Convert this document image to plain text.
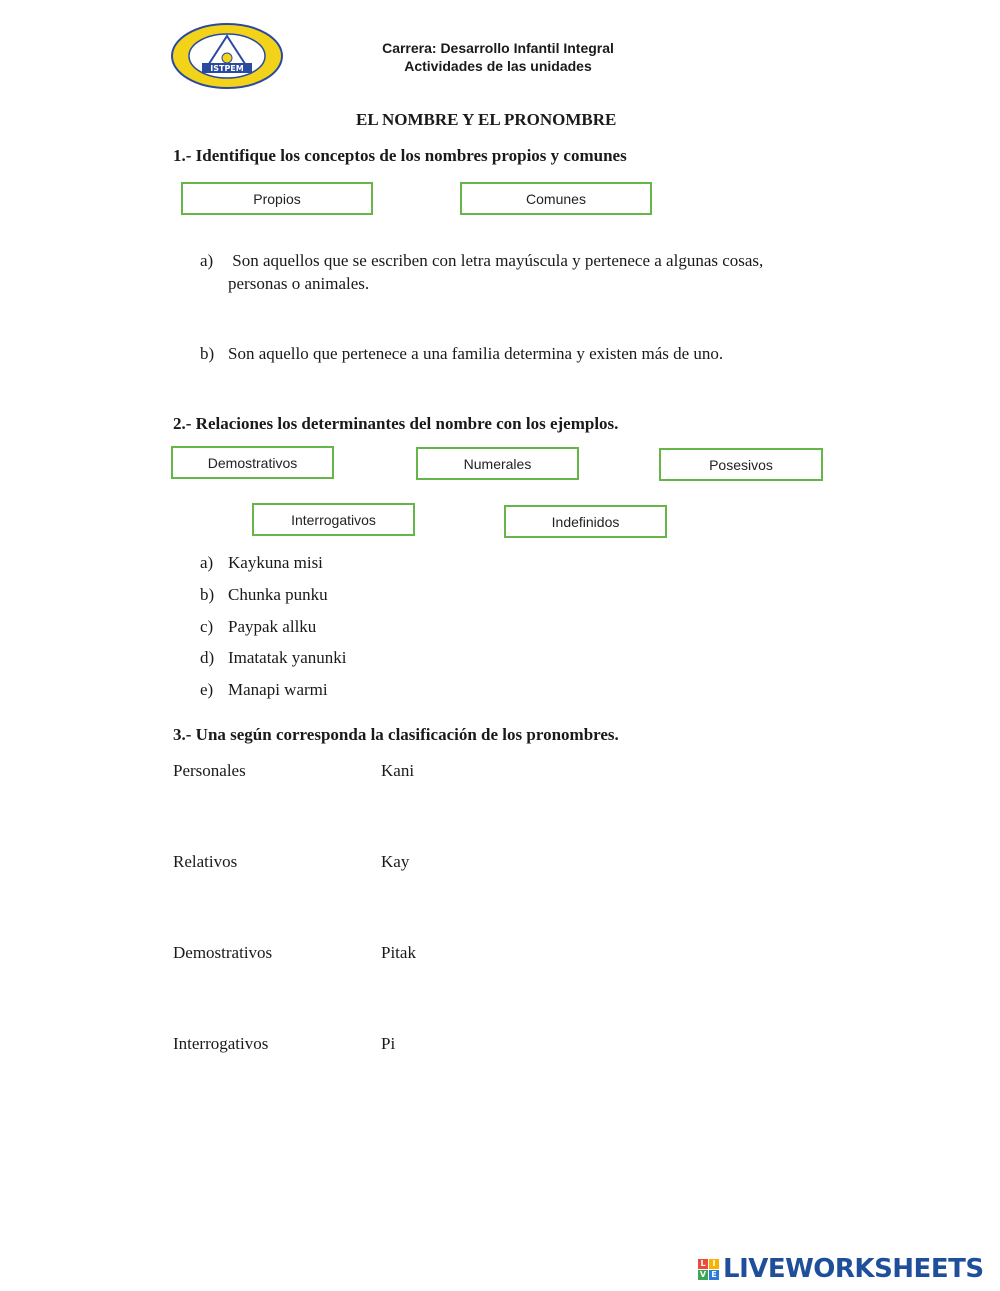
ISTPEM
Carrera: Desarrollo Infantil Integral
Actividades de las unidades
EL NOMBRE Y EL PRONOMBRE
1.- Identifique los conceptos de los nombres propios y comunes
Propios	Comunes
a) Son aquellos que se escriben con letra mayúscula y pertenece a algunas cosas,
personas o animales.
b) Son aquello que pertenece a una familia determina y existen más de uno.
2.- Relaciones los determinantes del nombre con los ejemplos.
Demostrativos	Numerales	Posesivos
Interrogativos	Indefinidos
a) Kaykuna misi
b) Chunka punku
c) Paypak allku
d) Imatatak yanunki
e) Manapi warmi
3.- Una según corresponda la clasificación de los pronombres.
Personales	Kani
Relativos	Kay
Demostrativos	Pitak
Interrogativos	Pi
L I
V E LIVEWORKSHEETS
